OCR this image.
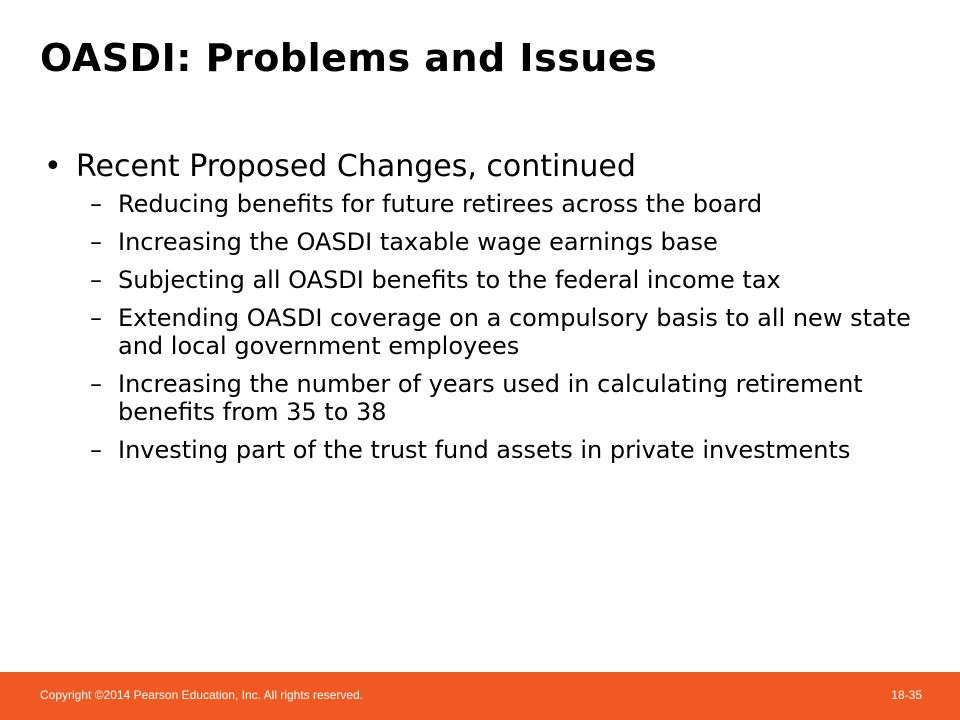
OASDI: Problems and Issues
• Recent Proposed Changes, continued
– Reducing benefits for future retirees across the board
– Increasing the OASDI taxable wage earnings base
– Subjecting all OASDI benefits to the federal income tax
– Extending OASDI coverage on a compulsory basis to all new state and local government employees
– Increasing the number of years used in calculating retirement benefits from 35 to 38
– Investing part of the trust fund assets in private investments
Copyright ©2014 Pearson Education, Inc. All rights reserved.	18-35
